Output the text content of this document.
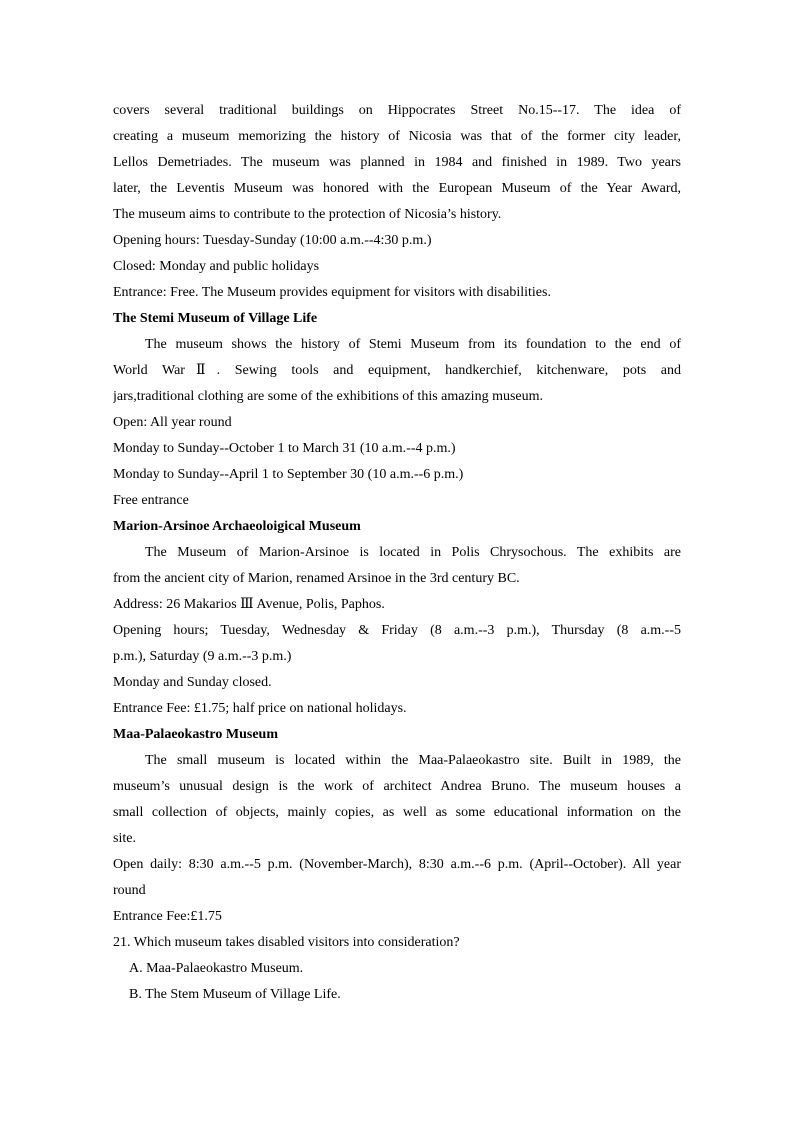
covers several traditional buildings on Hippocrates Street No.15--17. The idea of
creating a museum memorizing the history of Nicosia was that of the former city leader,
Lellos Demetriades. The museum was planned in 1984 and finished in 1989. Two years
later, the Leventis Museum was honored with the European Museum of the Year Award,
The museum aims to contribute to the protection of Nicosia’s history.
Opening hours: Tuesday-Sunday (10:00 a.m.--4:30 p.m.)
Closed: Monday and public holidays
Entrance: Free. The Museum provides equipment for visitors with disabilities.
The Stemi Museum of Village Life
The museum shows the history of Stemi Museum from its foundation to the end of
World WarⅡ. Sewing tools and equipment, handkerchief, kitchenware, pots and
jars,traditional clothing are some of the exhibitions of this amazing museum.
Open: All year round
Monday to Sunday--October 1 to March 31 (10 a.m.--4 p.m.)
Monday to Sunday--April 1 to September 30 (10 a.m.--6 p.m.)
Free entrance
Marion-Arsinoe Archaeoloigical Museum
The Museum of Marion-Arsinoe is located in Polis Chrysochous. The exhibits are
from the ancient city of Marion, renamed Arsinoe in the 3rd century BC.
Address: 26 Makarios Ⅲ Avenue, Polis, Paphos.
Opening hours; Tuesday, Wednesday & Friday (8 a.m.--3 p.m.), Thursday (8 a.m.--5
p.m.), Saturday (9 a.m.--3 p.m.)
Monday and Sunday closed.
Entrance Fee: £1.75; half price on national holidays.
Maa-Palaeokastro Museum
The small museum is located within the Maa-Palaeokastro site. Built in 1989, the
museum’s unusual design is the work of architect Andrea Bruno. The museum houses a
small collection of objects, mainly copies, as well as some educational information on the
site.
Open daily: 8:30 a.m.--5 p.m. (November-March), 8:30 a.m.--6 p.m. (April--October). All year
round
Entrance Fee:£1.75
21. Which museum takes disabled visitors into consideration?
A. Maa-Palaeokastro Museum.
B. The Stem Museum of Village Life.
